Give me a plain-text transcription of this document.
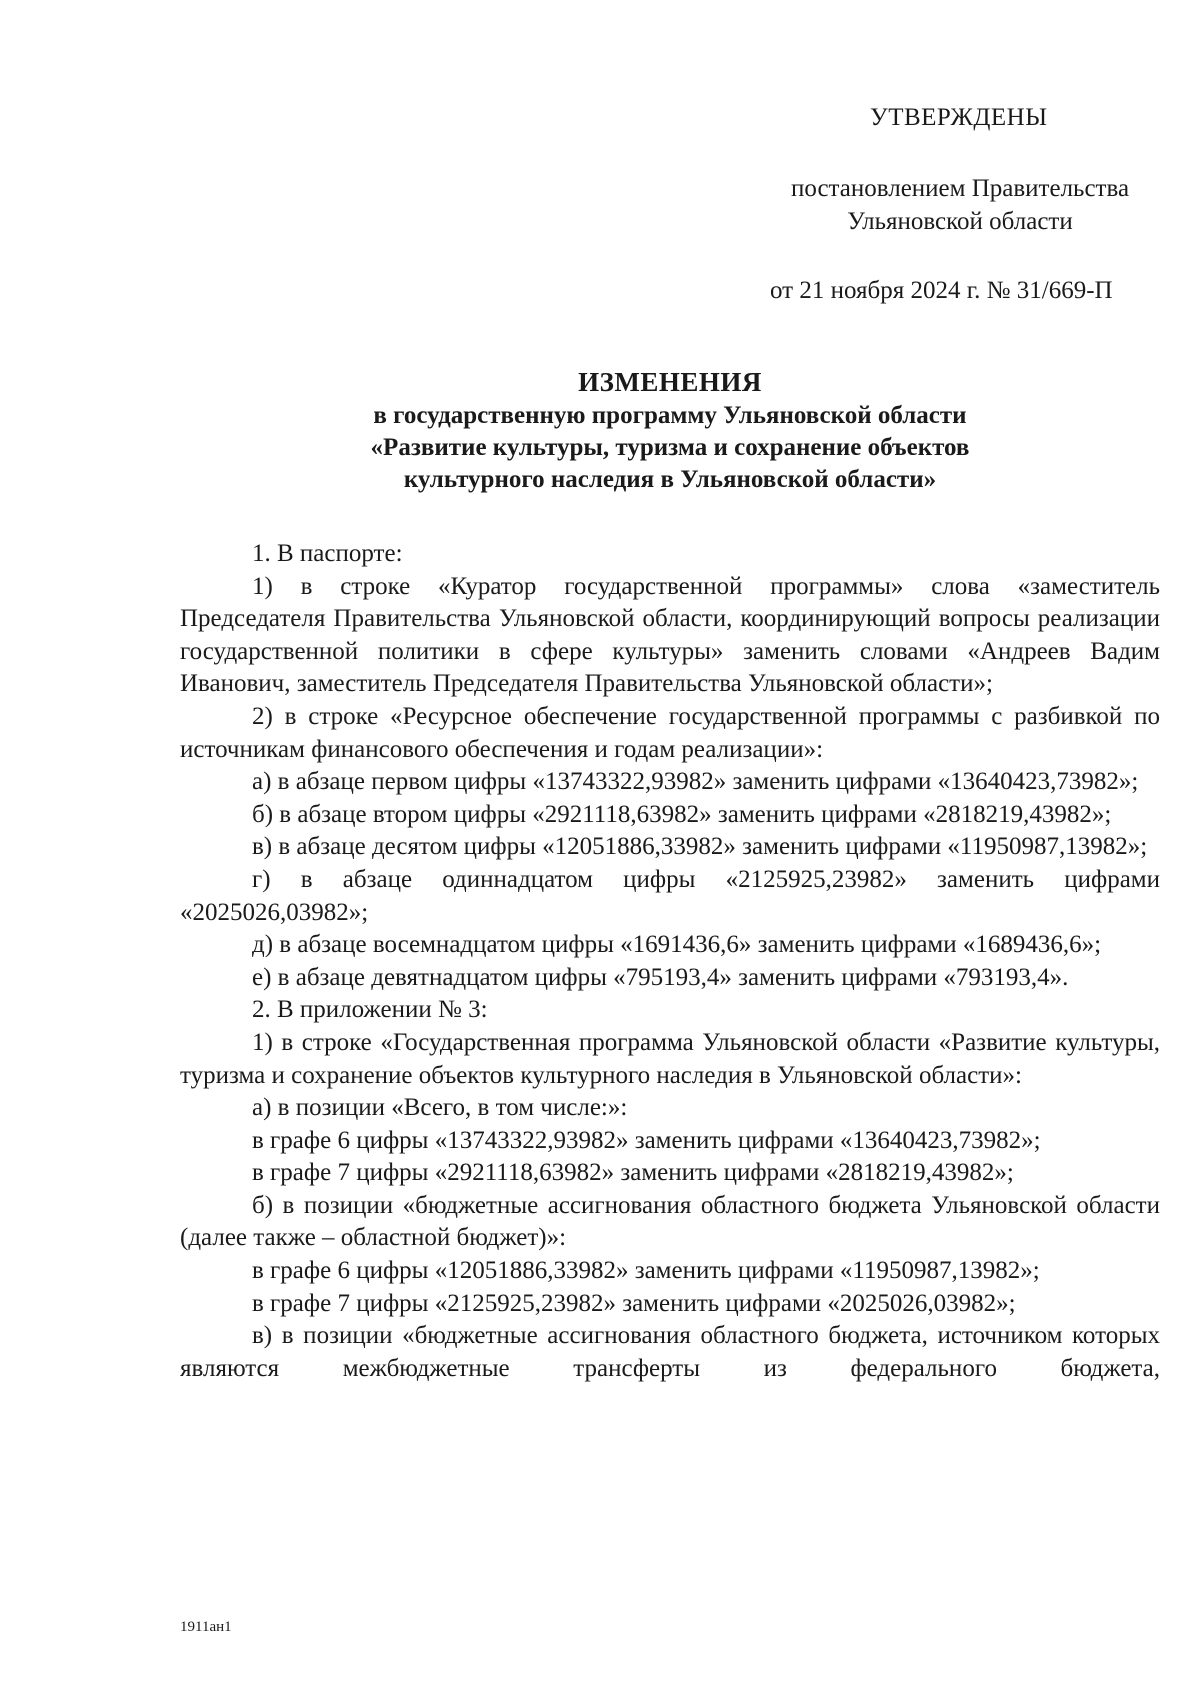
УТВЕРЖДЕНЫ
постановлением Правительства
Ульяновской области
от 21 ноября 2024 г. № 31/669-П
ИЗМЕНЕНИЯ
в государственную программу Ульяновской области
«Развитие культуры, туризма и сохранение объектов
культурного наследия в Ульяновской области»

1. В паспорте:

1) в строке «Куратор государственной программы» слова «заместитель Председателя Правительства Ульяновской области, координирующий вопросы реализации государственной политики в сфере культуры» заменить словами «Андреев Вадим Иванович, заместитель Председателя Правительства Ульяновской области»;

2) в строке «Ресурсное обеспечение государственной программы с разбивкой по источникам финансового обеспечения и годам реализации»:

а) в абзаце первом цифры «13743322,93982» заменить цифрами «13640423,73982»;

б) в абзаце втором цифры «2921118,63982» заменить цифрами «2818219,43982»;

в) в абзаце десятом цифры «12051886,33982» заменить цифрами «11950987,13982»;

г) в абзаце одиннадцатом цифры «2125925,23982» заменить цифрами «2025026,03982»;

д) в абзаце восемнадцатом цифры «1691436,6» заменить цифрами «1689436,6»;

е) в абзаце девятнадцатом цифры «795193,4» заменить цифрами «793193,4».

2. В приложении № 3:

1) в строке «Государственная программа Ульяновской области «Развитие культуры, туризма и сохранение объектов культурного наследия в Ульяновской области»:

а) в позиции «Всего, в том числе:»:

в графе 6 цифры «13743322,93982» заменить цифрами «13640423,73982»;

в графе 7 цифры «2921118,63982» заменить цифрами «2818219,43982»;

б) в позиции «бюджетные ассигнования областного бюджета Ульяновской области (далее также – областной бюджет)»:

в графе 6 цифры «12051886,33982» заменить цифрами «11950987,13982»;

в графе 7 цифры «2125925,23982» заменить цифрами «2025026,03982»;

в) в позиции «бюджетные ассигнования областного бюджета, источником которых являются межбюджетные трансферты из федерального бюджета,

1911ан1
